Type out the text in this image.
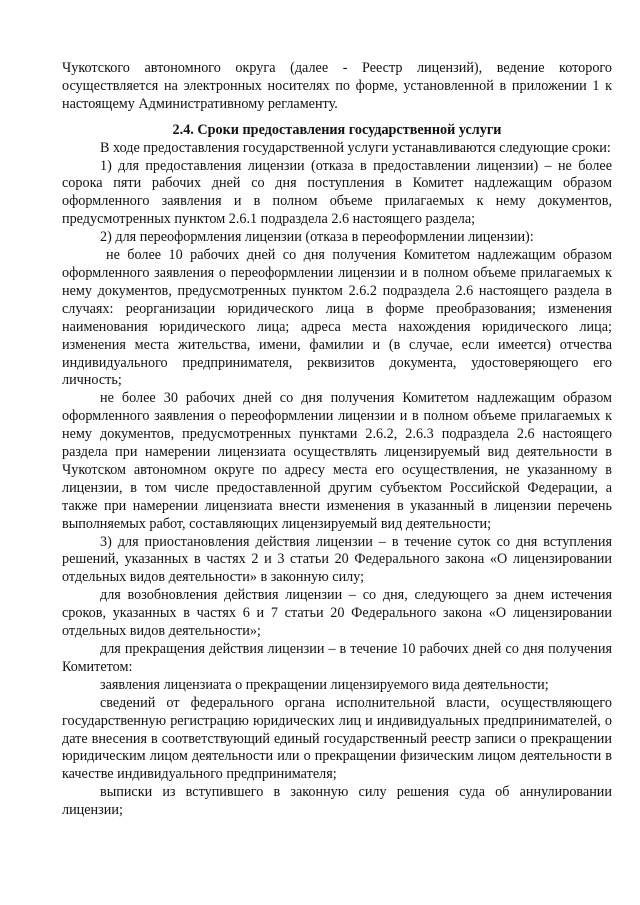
Чукотского автономного округа (далее - Реестр лицензий), ведение которого осуществляется на электронных носителях по форме, установленной в приложении 1 к настоящему Административному регламенту.

2.4. Сроки предоставления государственной услуги

В ходе предоставления государственной услуги устанавливаются следующие сроки:

1) для предоставления лицензии (отказа в предоставлении лицензии) – не более сорока пяти рабочих дней со дня поступления в Комитет надлежащим образом оформленного заявления и в полном объеме прилагаемых к нему документов, предусмотренных пунктом 2.6.1 подраздела 2.6 настоящего раздела;

2) для переоформления лицензии (отказа в переоформлении лицензии):

не более 10 рабочих дней со дня получения Комитетом надлежащим образом оформленного заявления о переоформлении лицензии и в полном объеме прилагаемых к нему документов, предусмотренных пунктом 2.6.2 подраздела 2.6 настоящего раздела в случаях: реорганизации юридического лица в форме преобразования; изменения наименования юридического лица; адреса места нахождения юридического лица; изменения места жительства, имени, фамилии и (в случае, если имеется) отчества индивидуального предпринимателя, реквизитов документа, удостоверяющего его личность;

не более 30 рабочих дней со дня получения Комитетом надлежащим образом оформленного заявления о переоформлении лицензии и в полном объеме прилагаемых к нему документов, предусмотренных пунктами 2.6.2, 2.6.3 подраздела 2.6 настоящего раздела при намерении лицензиата осуществлять лицензируемый вид деятельности в Чукотском автономном округе по адресу места его осуществления, не указанному в лицензии, в том числе предоставленной другим субъектом Российской Федерации, а также при намерении лицензиата внести изменения в указанный в лицензии перечень выполняемых работ, составляющих лицензируемый вид деятельности;

3) для приостановления действия лицензии – в течение суток со дня вступления решений, указанных в частях 2 и 3 статьи 20 Федерального закона «О лицензировании отдельных видов деятельности» в законную силу;

для возобновления действия лицензии – со дня, следующего за днем истечения сроков, указанных в частях 6 и 7 статьи 20 Федерального закона «О лицензировании отдельных видов деятельности»;

для прекращения действия лицензии – в течение 10 рабочих дней со дня получения Комитетом:

заявления лицензиата о прекращении лицензируемого вида деятельности;

сведений от федерального органа исполнительной власти, осуществляющего государственную регистрацию юридических лиц и индивидуальных предпринимателей, о дате внесения в соответствующий единый государственный реестр записи о прекращении юридическим лицом деятельности или о прекращении физическим лицом деятельности в качестве индивидуального предпринимателя;

выписки из вступившего в законную силу решения суда об аннулировании лицензии;
